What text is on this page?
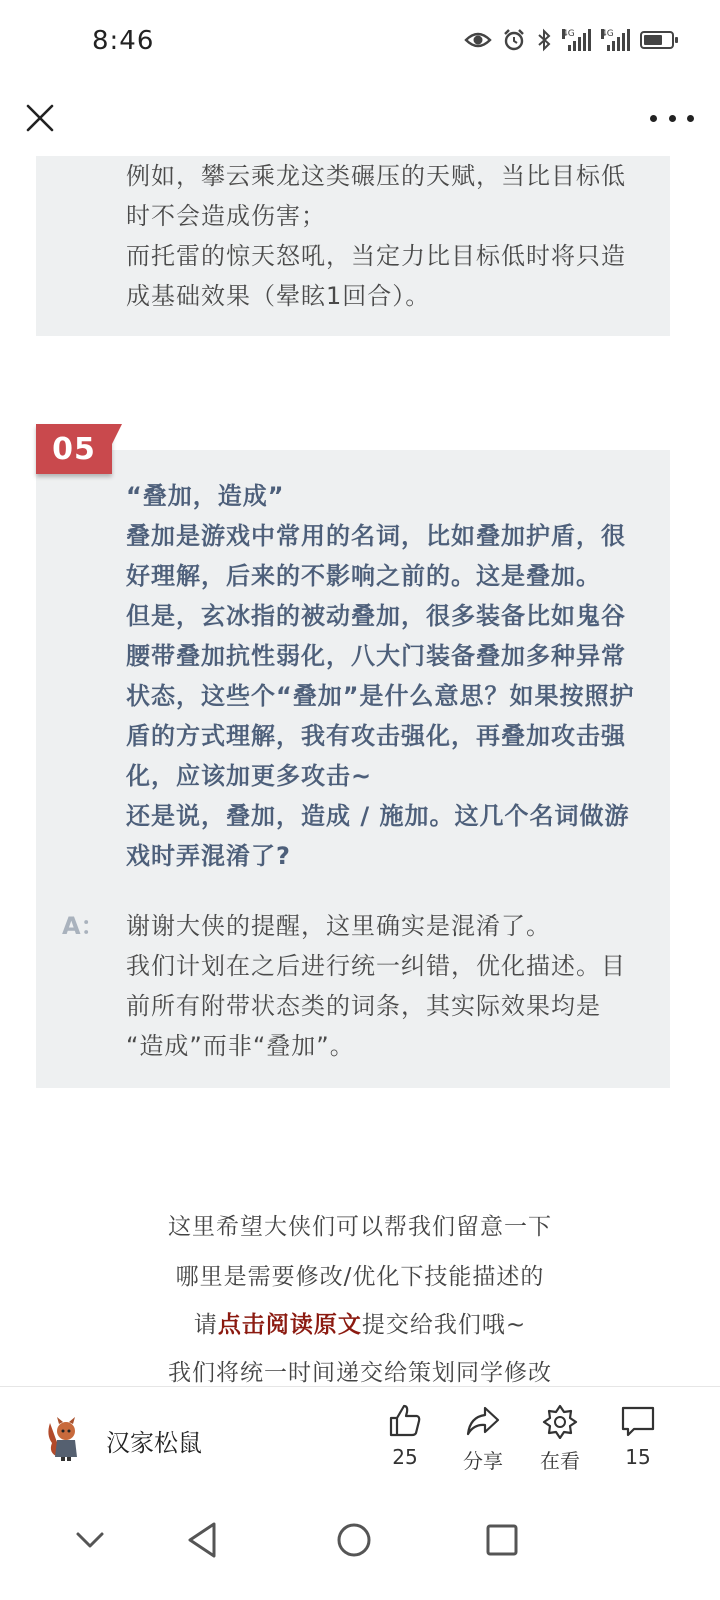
8:46	4G	4G
例如，攀云乘龙这类碾压的天赋，当比目标低
时不会造成伤害；
而托雷的惊天怒吼，当定力比目标低时将只造
成基础效果（晕眩1回合）。
“叠加，造成”
叠加是游戏中常用的名词，比如叠加护盾，很
好理解，后来的不影响之前的。这是叠加。
但是，玄冰指的被动叠加，很多装备比如鬼谷
腰带叠加抗性弱化，八大门装备叠加多种异常
状态，这些个“叠加”是什么意思？如果按照护
盾的方式理解，我有攻击强化，再叠加攻击强
化，应该加更多攻击~
还是说，叠加，造成 / 施加。这几个名词做游
戏时弄混淆了?
A： 谢谢大侠的提醒，这里确实是混淆了。
我们计划在之后进行统一纠错，优化描述。目
前所有附带状态类的词条，其实际效果均是
“造成”而非“叠加”。
05
这里希望大侠们可以帮我们留意一下
哪里是需要修改/优化下技能描述的
请点击阅读原文提交给我们哦~
我们将统一时间递交给策划同学修改
汉家松鼠	25	分享	在看	15
